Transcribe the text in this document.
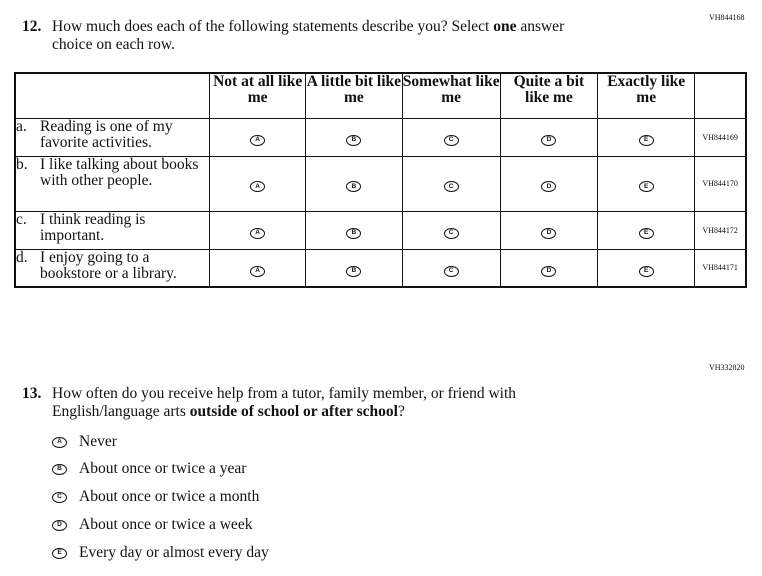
VH844168
12. How much does each of the following statements describe you? Select one answer
choice on each row.
	Not at all like me	A little bit like me	Somewhat like me	Quite a bit like me	Exactly like me	

a. Reading is one of my favorite activities.	A	B	C	D	E	VH844169

b. I like talking about books with other people.	A	B	C	D	E	VH844170

c. I think reading is important.	A	B	C	D	E	VH844172

d. I enjoy going to a bookstore or a library.	A	B	C	D	E	VH844171
VH332820
13. How often do you receive help from a tutor, family member, or friend with
English/language arts outside of school or after school?
A	Never
B	About once or twice a year
C	About once or twice a month
D	About once or twice a week
E	Every day or almost every day
